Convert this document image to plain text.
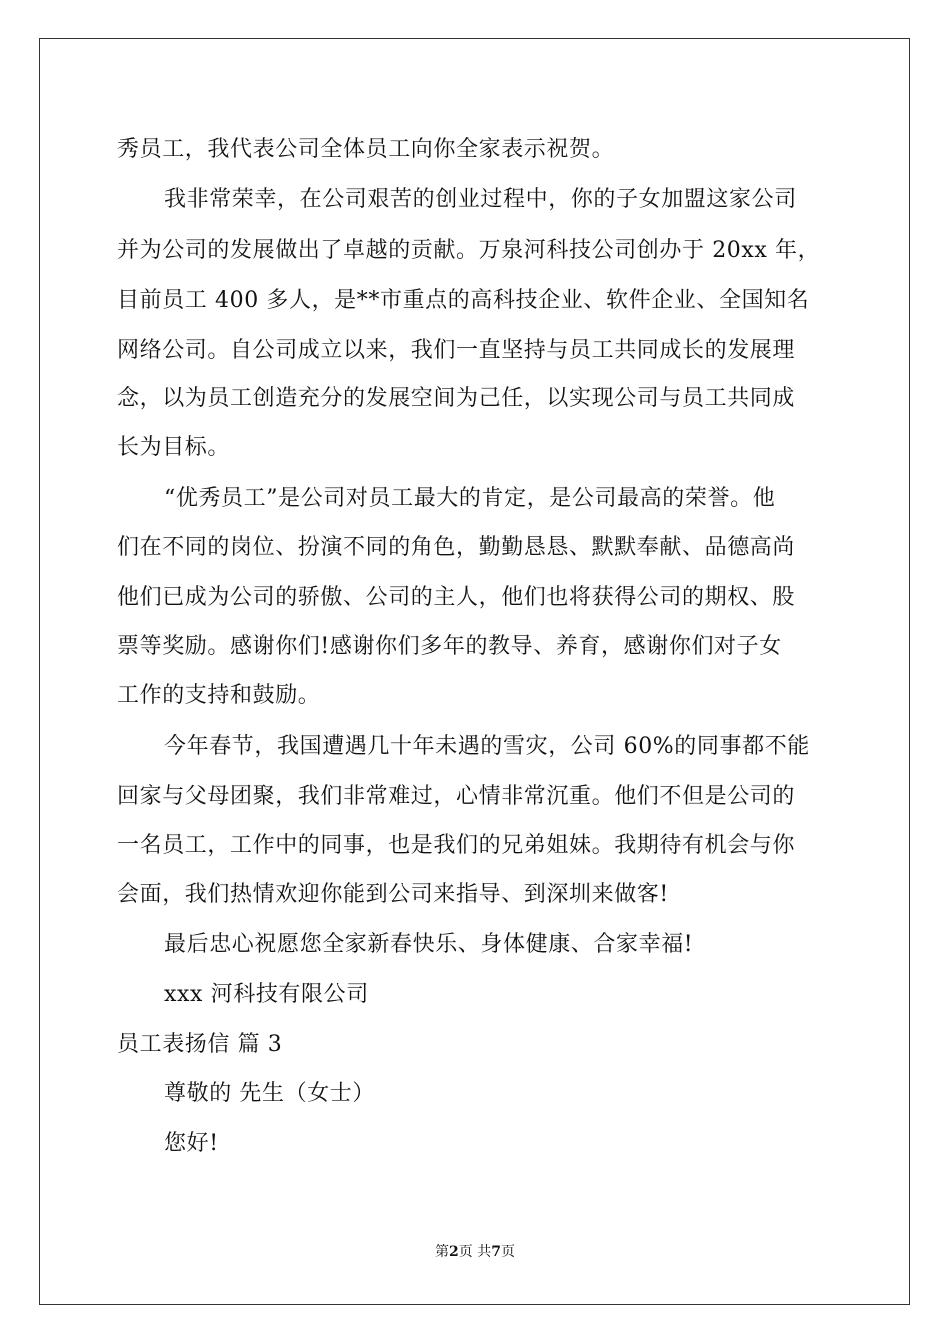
秀员工，我代表公司全体员工向你全家表示祝贺。
我非常荣幸，在公司艰苦的创业过程中，你的子女加盟这家公司
并为公司的发展做出了卓越的贡献。万泉河科技公司创办于 20xx 年，
目前员工 400 多人，是**市重点的高科技企业、软件企业、全国知名
网络公司。自公司成立以来，我们一直坚持与员工共同成长的发展理
念，以为员工创造充分的发展空间为己任，以实现公司与员工共同成
长为目标。
“优秀员工”是公司对员工最大的肯定，是公司最高的荣誉。他
们在不同的岗位、扮演不同的角色，勤勤恳恳、默默奉献、品德高尚
他们已成为公司的骄傲、公司的主人，他们也将获得公司的期权、股
票等奖励。感谢你们!感谢你们多年的教导、养育，感谢你们对子女
工作的支持和鼓励。
今年春节，我国遭遇几十年未遇的雪灾，公司 60%的同事都不能
回家与父母团聚，我们非常难过，心情非常沉重。他们不但是公司的
一名员工，工作中的同事，也是我们的兄弟姐妹。我期待有机会与你
会面，我们热情欢迎你能到公司来指导、到深圳来做客!
最后忠心祝愿您全家新春快乐、身体健康、合家幸福!
xxx 河科技有限公司
员工表扬信 篇 3
尊敬的 先生（女士）
您好!
第2页 共7页
